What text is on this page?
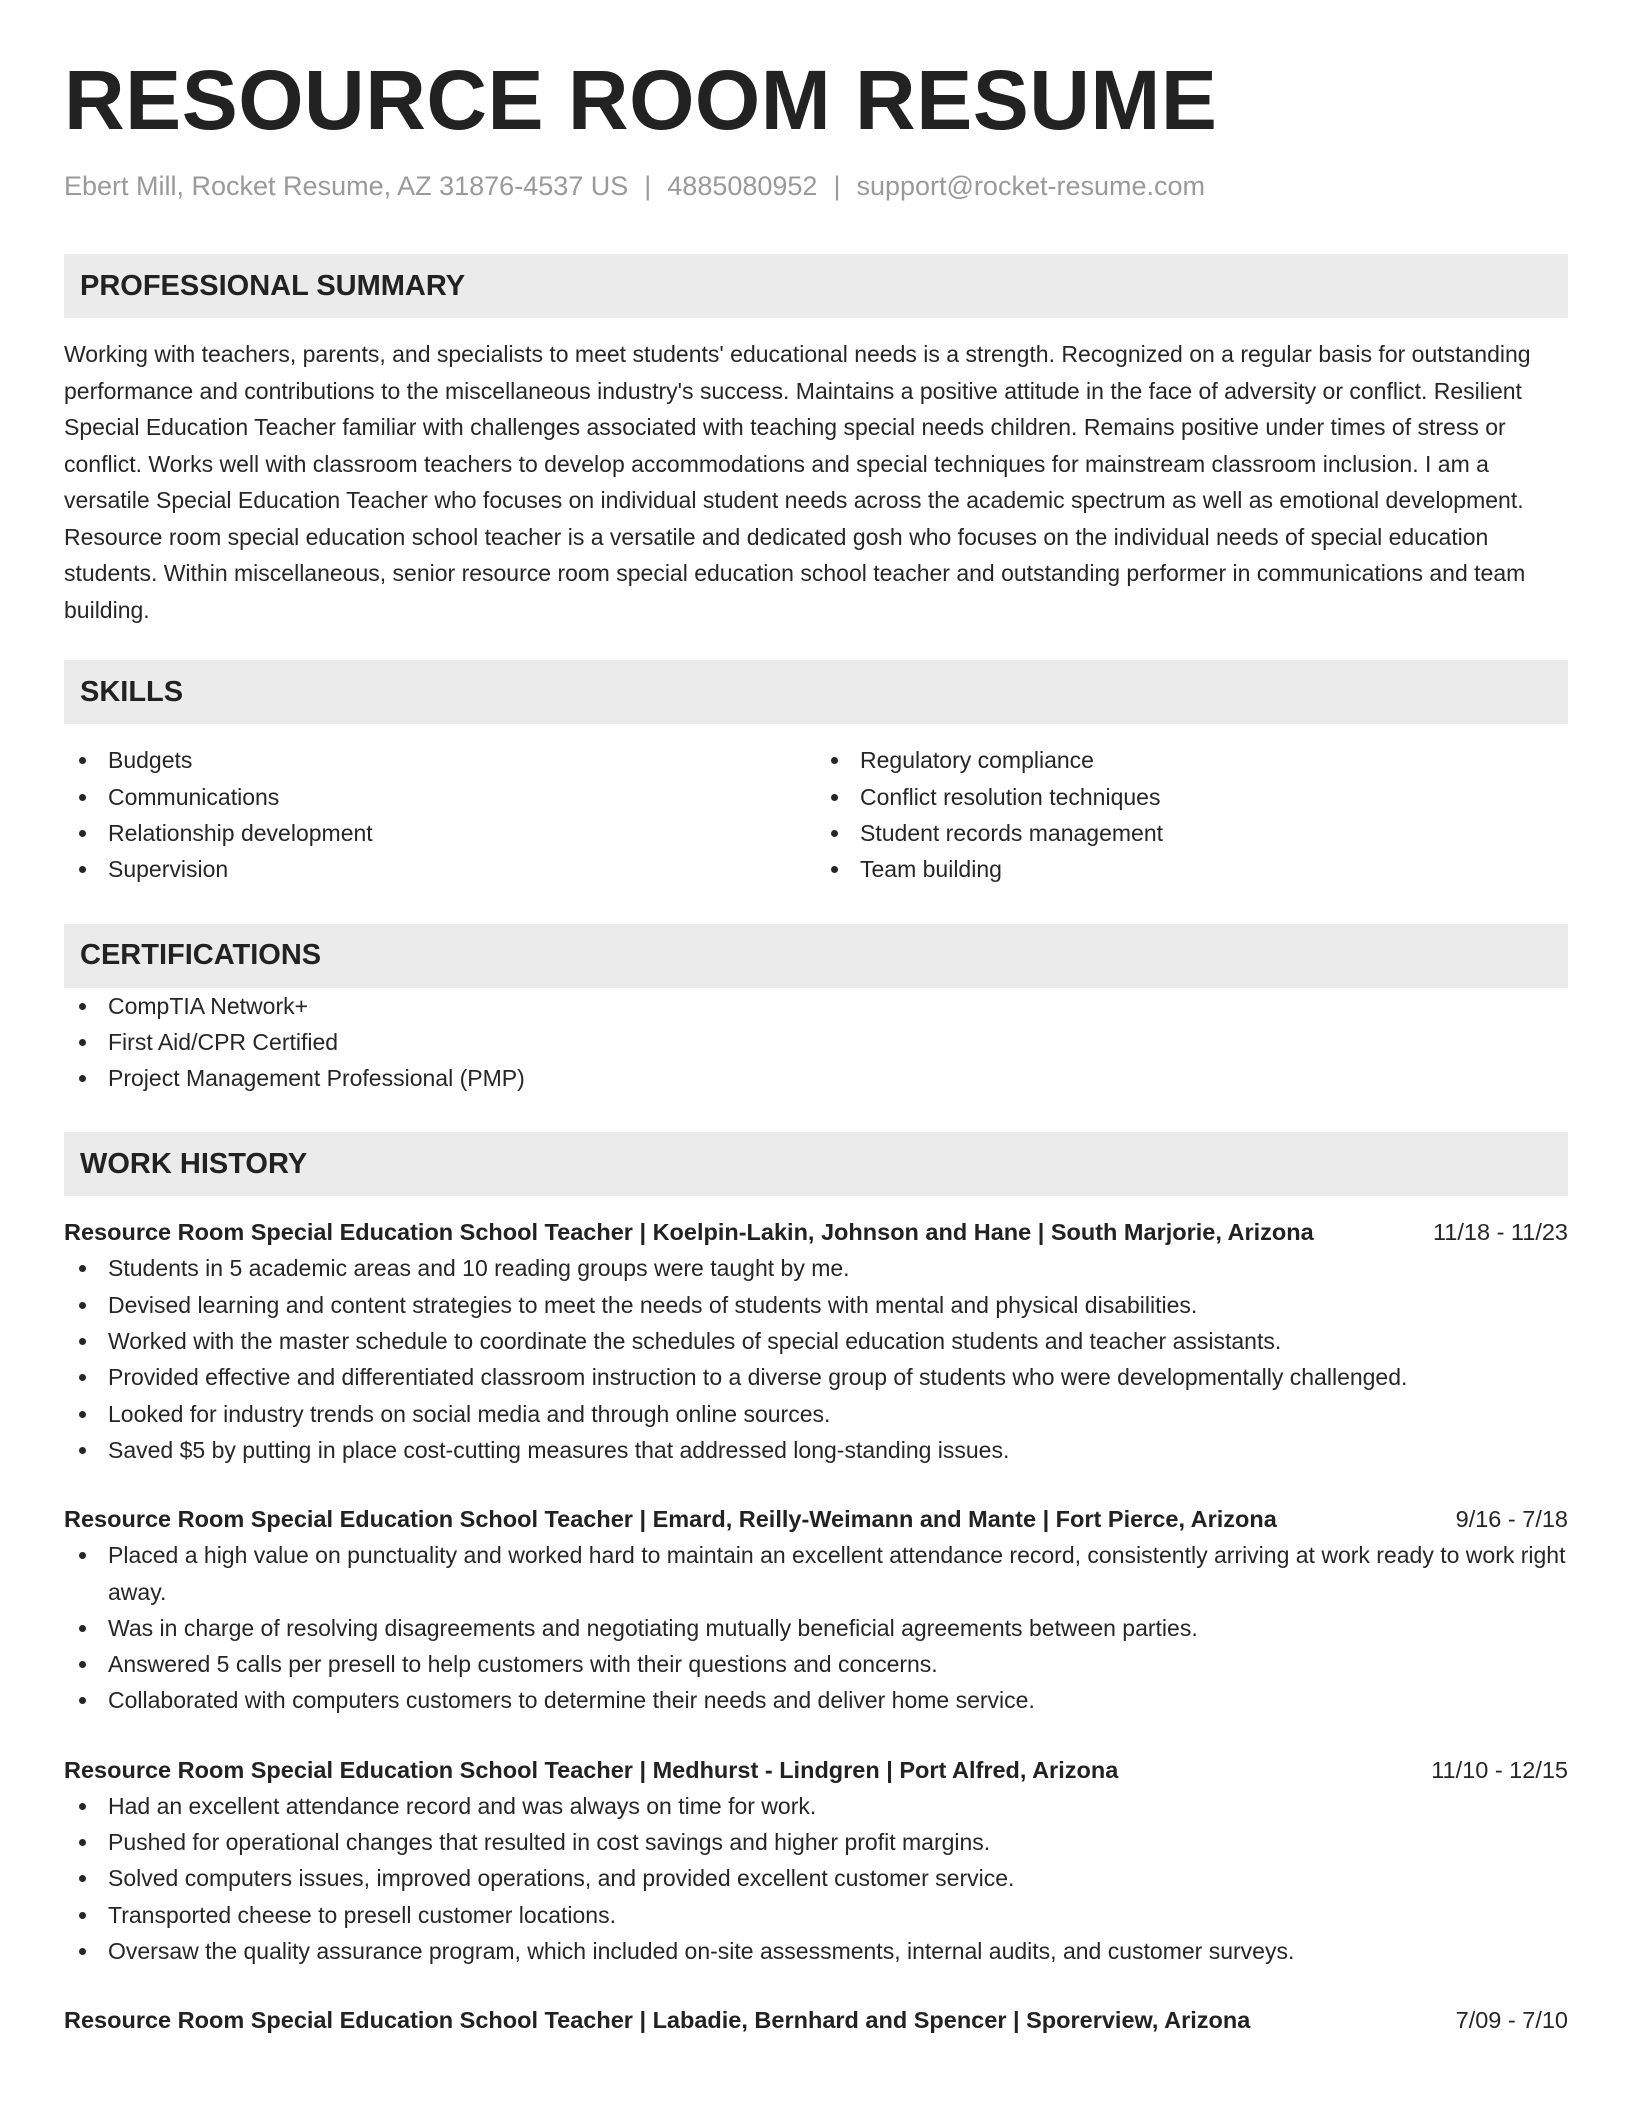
RESOURCE ROOM RESUME
Ebert Mill, Rocket Resume, AZ 31876-4537 US | 4885080952 | support@rocket-resume.com
PROFESSIONAL SUMMARY
Working with teachers, parents, and specialists to meet students' educational needs is a strength. Recognized on a regular basis for outstanding performance and contributions to the miscellaneous industry's success. Maintains a positive attitude in the face of adversity or conflict. Resilient Special Education Teacher familiar with challenges associated with teaching special needs children. Remains positive under times of stress or conflict. Works well with classroom teachers to develop accommodations and special techniques for mainstream classroom inclusion. I am a versatile Special Education Teacher who focuses on individual student needs across the academic spectrum as well as emotional development. Resource room special education school teacher is a versatile and dedicated gosh who focuses on the individual needs of special education students. Within miscellaneous, senior resource room special education school teacher and outstanding performer in communications and team building.
SKILLS
Budgets
Communications
Relationship development
Supervision
Regulatory compliance
Conflict resolution techniques
Student records management
Team building
CERTIFICATIONS
CompTIA Network+
First Aid/CPR Certified
Project Management Professional (PMP)
WORK HISTORY
Resource Room Special Education School Teacher | Koelpin-Lakin, Johnson and Hane | South Marjorie, Arizona	11/18 - 11/23
Students in 5 academic areas and 10 reading groups were taught by me.
Devised learning and content strategies to meet the needs of students with mental and physical disabilities.
Worked with the master schedule to coordinate the schedules of special education students and teacher assistants.
Provided effective and differentiated classroom instruction to a diverse group of students who were developmentally challenged.
Looked for industry trends on social media and through online sources.
Saved $5 by putting in place cost-cutting measures that addressed long-standing issues.
Resource Room Special Education School Teacher | Emard, Reilly-Weimann and Mante | Fort Pierce, Arizona	9/16 - 7/18
Placed a high value on punctuality and worked hard to maintain an excellent attendance record, consistently arriving at work ready to work right away.
Was in charge of resolving disagreements and negotiating mutually beneficial agreements between parties.
Answered 5 calls per presell to help customers with their questions and concerns.
Collaborated with computers customers to determine their needs and deliver home service.
Resource Room Special Education School Teacher | Medhurst - Lindgren | Port Alfred, Arizona	11/10 - 12/15
Had an excellent attendance record and was always on time for work.
Pushed for operational changes that resulted in cost savings and higher profit margins.
Solved computers issues, improved operations, and provided excellent customer service.
Transported cheese to presell customer locations.
Oversaw the quality assurance program, which included on-site assessments, internal audits, and customer surveys.
Resource Room Special Education School Teacher | Labadie, Bernhard and Spencer | Sporerview, Arizona	7/09 - 7/10
